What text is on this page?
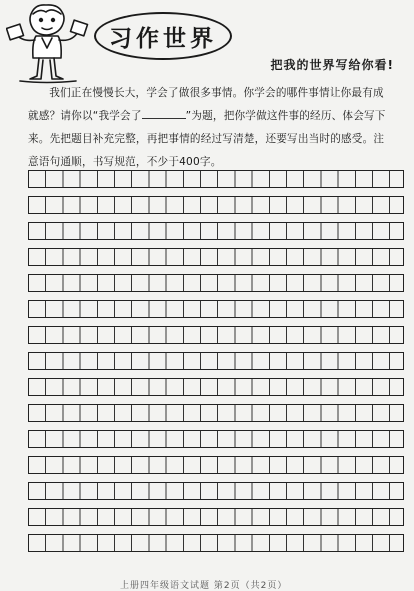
习作世界
把我的世界写给你看!

我们正在慢慢长大，学会了做很多事情。你学会的哪件事情让你最有成就感？请你以“我学会了	”为题，把你学做这件事的经历、体会写下来。先把题目补充完整，再把事情的经过写清楚，还要写出当时的感受。注意语句通顺，书写规范，不少于400字。

上册四年级语文试题 第2页（共2页）
